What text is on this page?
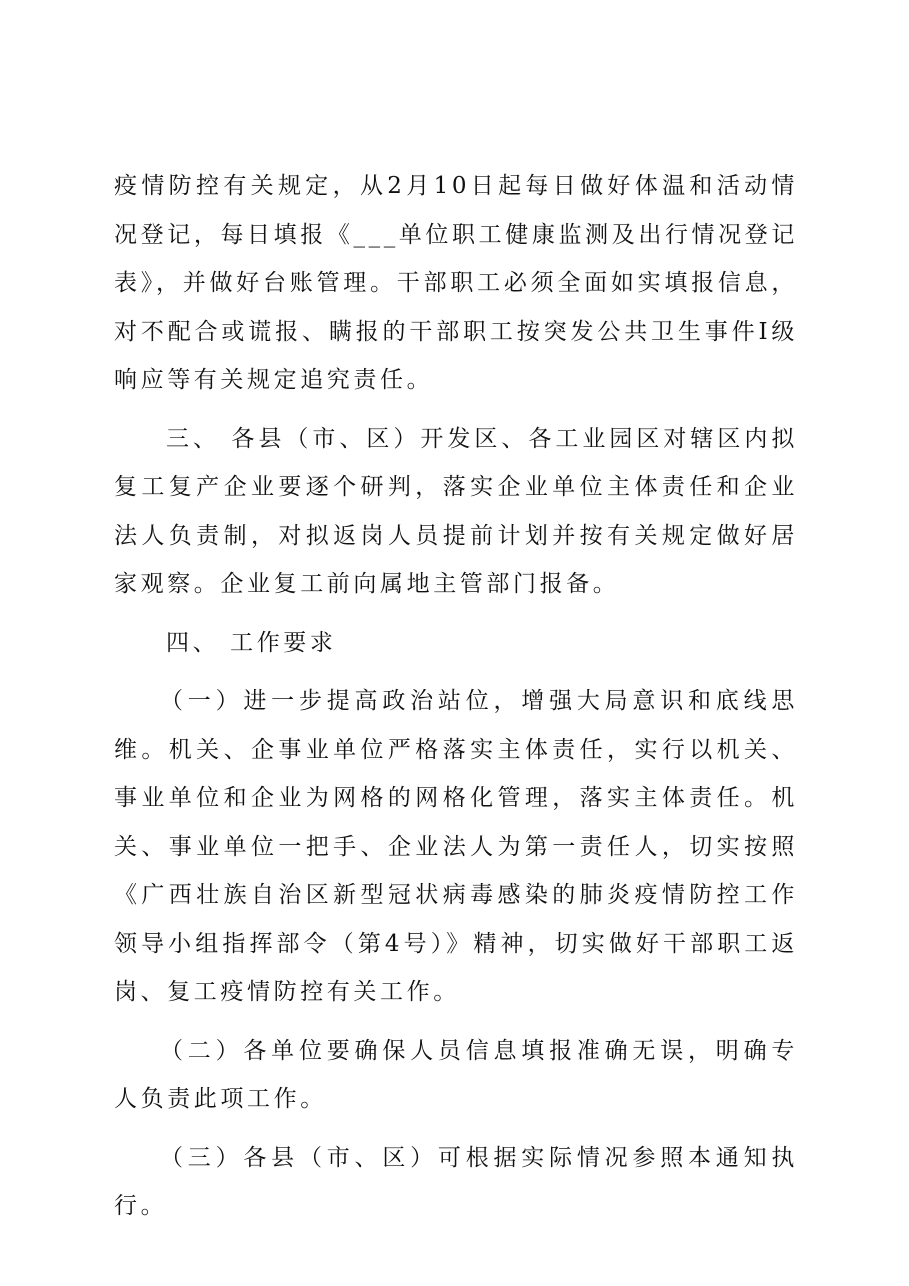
疫情防控有关规定，从2月10日起每日做好体温和活动情况登记，每日填报《___单位职工健康监测及出行情况登记表》，并做好台账管理。干部职工必须全面如实填报信息，对不配合或谎报、瞒报的干部职工按突发公共卫生事件Ⅰ级响应等有关规定追究责任。

三、 各县（市、区）开发区、各工业园区对辖区内拟复工复产企业要逐个研判，落实企业单位主体责任和企业法人负责制，对拟返岗人员提前计划并按有关规定做好居家观察。企业复工前向属地主管部门报备。

四、 工作要求

（一）进一步提高政治站位，增强大局意识和底线思维。机关、企事业单位严格落实主体责任，实行以机关、事业单位和企业为网格的网格化管理，落实主体责任。机关、事业单位一把手、企业法人为第一责任人，切实按照《广西壮族自治区新型冠状病毒感染的肺炎疫情防控工作领导小组指挥部令（第4号）》精神，切实做好干部职工返岗、复工疫情防控有关工作。

（二）各单位要确保人员信息填报准确无误，明确专人负责此项工作。

（三）各县（市、区）可根据实际情况参照本通知执行。
